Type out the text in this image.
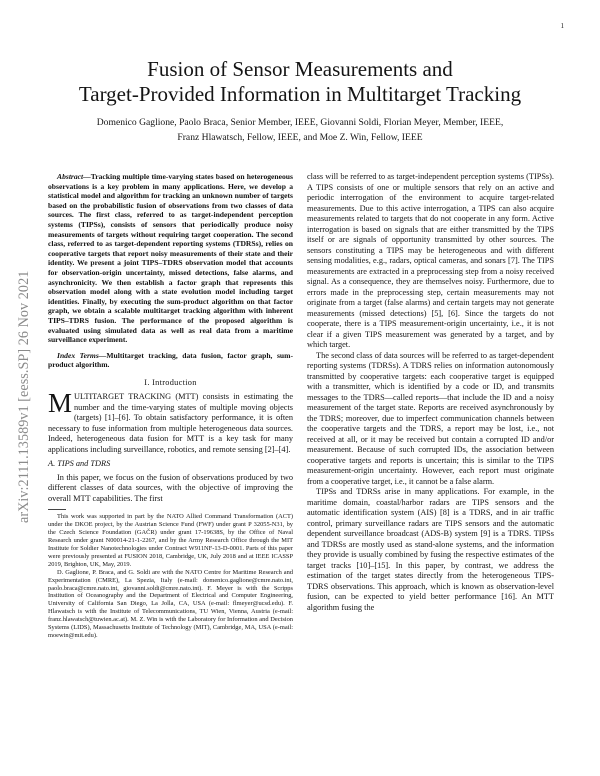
1
arXiv:2111.13589v1 [eess.SP] 26 Nov 2021
Fusion of Sensor Measurements and
Target-Provided Information in Multitarget Tracking
Domenico Gaglione, Paolo Braca, Senior Member, IEEE, Giovanni Soldi, Florian Meyer, Member, IEEE,
Franz Hlawatsch, Fellow, IEEE, and Moe Z. Win, Fellow, IEEE

Abstract—Tracking multiple time-varying states based on heterogeneous observations is a key problem in many applications. Here, we develop a statistical model and algorithm for tracking an unknown number of targets based on the probabilistic fusion of observations from two classes of data sources. The first class, referred to as target-independent perception systems (TIPSs), consists of sensors that periodically produce noisy measurements of targets without requiring target cooperation. The second class, referred to as target-dependent reporting systems (TDRSs), relies on cooperative targets that report noisy measurements of their state and their identity. We present a joint TIPS–TDRS observation model that accounts for observation-origin uncertainty, missed detections, false alarms, and asynchronicity. We then establish a factor graph that represents this observation model along with a state evolution model including target identities. Finally, by executing the sum-product algorithm on that factor graph, we obtain a scalable multitarget tracking algorithm with inherent TIPS–TDRS fusion. The performance of the proposed algorithm is evaluated using simulated data as well as real data from a maritime surveillance experiment.

Index Terms—Multitarget tracking, data fusion, factor graph, sum-product algorithm.

I. Introduction

MULTITARGET TRACKING (MTT) consists in estimating the number and the time-varying states of multiple moving objects (targets) [1]–[6]. To obtain satisfactory performance, it is often necessary to fuse information from multiple heterogeneous data sources. Indeed, heterogeneous data fusion for MTT is a key task for many applications including surveillance, robotics, and remote sensing [2]–[4].

A. TIPS and TDRS

In this paper, we focus on the fusion of observations produced by two different classes of data sources, with the objective of improving the overall MTT capabilities. The first

This work was supported in part by the NATO Allied Command Transformation (ACT) under the DKOE project, by the Austrian Science Fund (FWF) under grant P 32055-N31, by the Czech Science Foundation (GAČR) under grant 17-19638S, by the Office of Naval Research under grant N00014-21-1-2267, and by the Army Research Office through the MIT Institute for Soldier Nanotechnologies under Contract W911NF-13-D-0001. Parts of this paper were previously presented at FUSION 2018, Cambridge, UK, July 2018 and at IEEE ICASSP 2019, Brighton, UK, May, 2019.

D. Gaglione, P. Braca, and G. Soldi are with the NATO Centre for Maritime Research and Experimentation (CMRE), La Spezia, Italy (e-mail: domenico.gaglione@cmre.nato.int, paolo.braca@cmre.nato.int, giovanni.soldi@cmre.nato.int). F. Meyer is with the Scripps Institution of Oceanography and the Department of Electrical and Computer Engineering, University of California San Diego, La Jolla, CA, USA (e-mail: flmeyer@ucsd.edu). F. Hlawatsch is with the Institute of Telecommunications, TU Wien, Vienna, Austria (e-mail: franz.hlawatsch@tuwien.ac.at). M. Z. Win is with the Laboratory for Information and Decision Systems (LIDS), Massachusetts Institute of Technology (MIT), Cambridge, MA, USA (e-mail: moewin@mit.edu).

class will be referred to as target-independent perception systems (TIPSs). A TIPS consists of one or multiple sensors that rely on an active and periodic interrogation of the environment to acquire target-related measurements. Due to this active interrogation, a TIPS can also acquire measurements related to targets that do not cooperate in any form. Active interrogation is based on signals that are either transmitted by the TIPS itself or are signals of opportunity transmitted by other sources. The sensors constituting a TIPS may be heterogeneous and with different sensing modalities, e.g., radars, optical cameras, and sonars [7]. The TIPS measurements are extracted in a preprocessing step from a noisy received signal. As a consequence, they are themselves noisy. Furthermore, due to errors made in the preprocessing step, certain measurements may not originate from a target (false alarms) and certain targets may not generate measurements (missed detections) [5], [6]. Since the targets do not cooperate, there is a TIPS measurement-origin uncertainty, i.e., it is not clear if a given TIPS measurement was generated by a target, and by which target.

The second class of data sources will be referred to as target-dependent reporting systems (TDRSs). A TDRS relies on information autonomously transmitted by cooperative targets: each cooperative target is equipped with a transmitter, which is identified by a code or ID, and transmits messages to the TDRS—called reports—that include the ID and a noisy measurement of the target state. Reports are received asynchronously by the TDRS; moreover, due to imperfect communication channels between the cooperative targets and the TDRS, a report may be lost, i.e., not received at all, or it may be received but contain a corrupted ID and/or measurement. Because of such corrupted IDs, the association between cooperative targets and reports is uncertain; this is similar to the TIPS measurement-origin uncertainty. However, each report must originate from a cooperative target, i.e., it cannot be a false alarm.

TIPSs and TDRSs arise in many applications. For example, in the maritime domain, coastal/harbor radars are TIPS sensors and the automatic identification system (AIS) [8] is a TDRS, and in air traffic control, primary surveillance radars are TIPS sensors and the automatic dependent surveillance broadcast (ADS-B) system [9] is a TDRS. TIPSs and TDRSs are mostly used as stand-alone systems, and the information they provide is usually combined by fusing the respective estimates of the target tracks [10]–[15]. In this paper, by contrast, we address the estimation of the target states directly from the heterogeneous TIPS-TDRS observations. This approach, which is known as observation-level fusion, can be expected to yield better performance [16]. An MTT algorithm fusing the
